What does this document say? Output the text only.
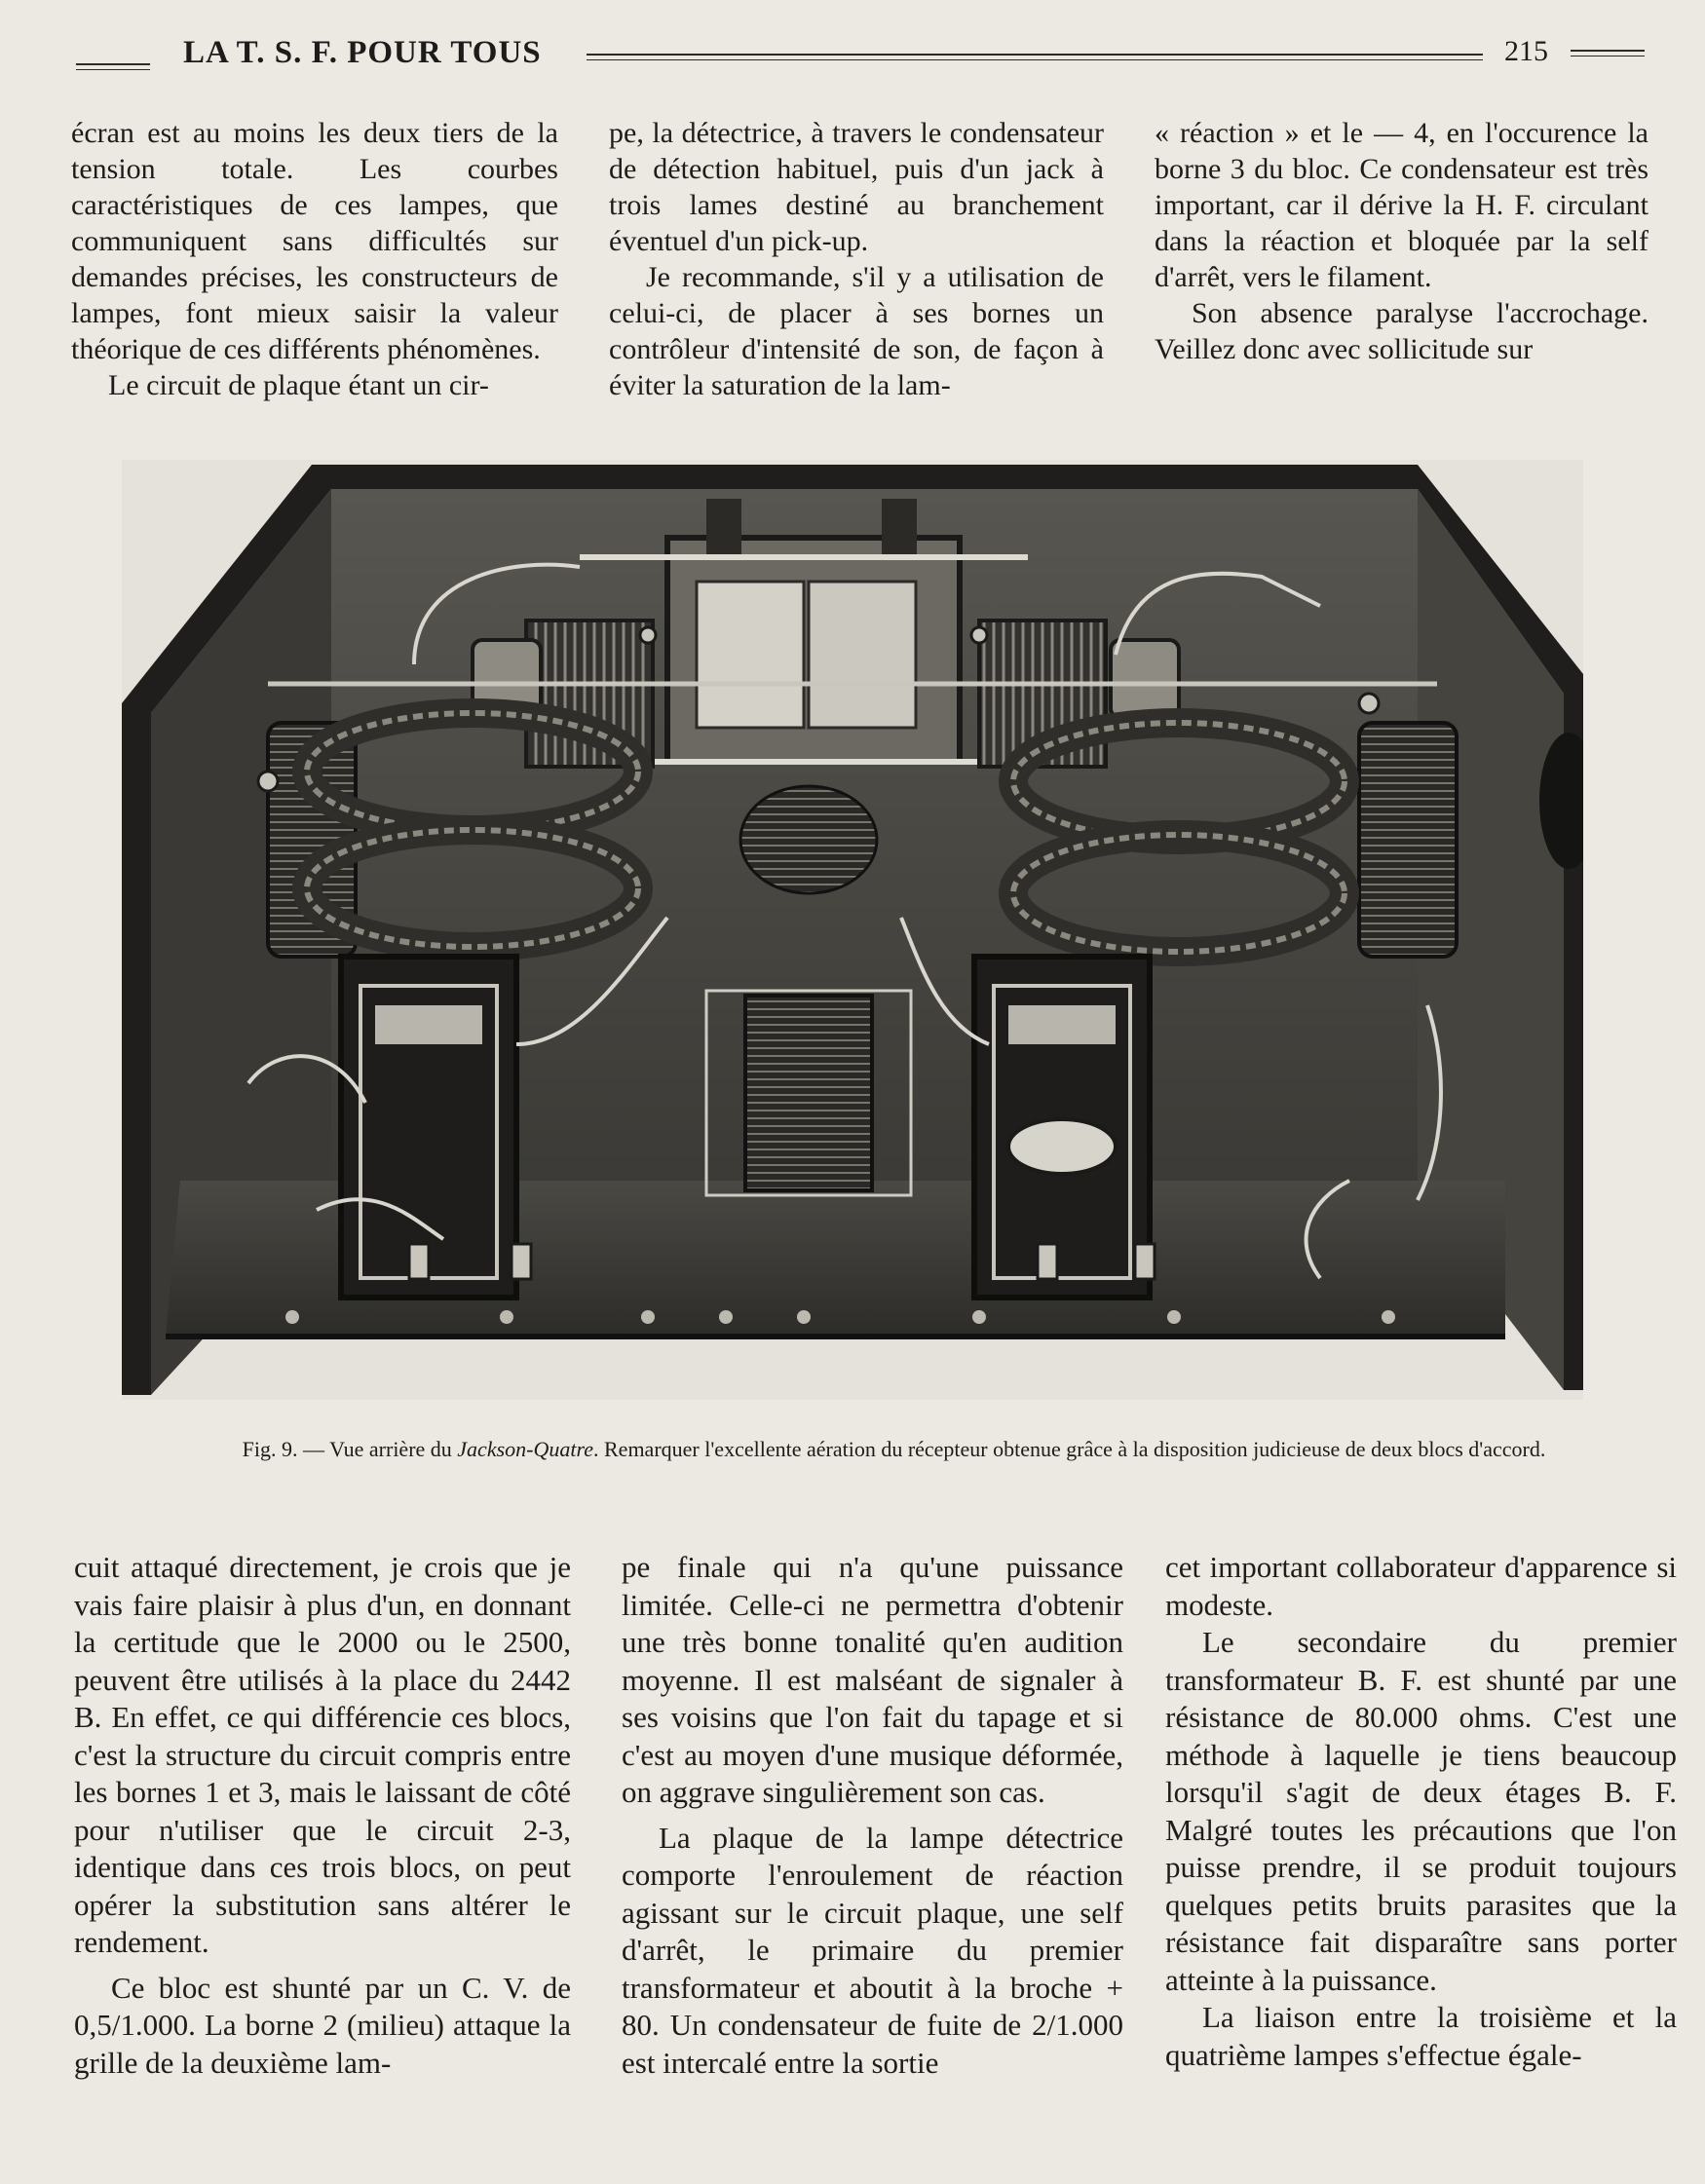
LA T. S. F. POUR TOUS	215

écran est au moins les deux tiers de la tension totale. Les courbes caractéristiques de ces lampes, que communiquent sans difficultés sur demandes précises, les constructeurs de lampes, font mieux saisir la valeur théorique de ces différents phénomènes.

Le circuit de plaque étant un cir-

pe, la détectrice, à travers le condensateur de détection habituel, puis d'un jack à trois lames destiné au branchement éventuel d'un pick-up.

Je recommande, s'il y a utilisation de celui-ci, de placer à ses bornes un contrôleur d'intensité de son, de façon à éviter la saturation de la lam-

« réaction » et le — 4, en l'occurence la borne 3 du bloc. Ce condensateur est très important, car il dérive la H. F. circulant dans la réaction et bloquée par la self d'arrêt, vers le filament.

Son absence paralyse l'accrochage. Veillez donc avec sollicitude sur

Fig. 9. — Vue arrière du Jackson-Quatre. Remarquer l'excellente aération du récepteur obtenue grâce à la disposition judicieuse de deux blocs d'accord.

cuit attaqué directement, je crois que je vais faire plaisir à plus d'un, en donnant la certitude que le 2000 ou le 2500, peuvent être utilisés à la place du 2442 B. En effet, ce qui différencie ces blocs, c'est la structure du circuit compris entre les bornes 1 et 3, mais le laissant de côté pour n'utiliser que le circuit 2-3, identique dans ces trois blocs, on peut opérer la substitution sans altérer le rendement.

Ce bloc est shunté par un C. V. de 0,5/1.000. La borne 2 (milieu) attaque la grille de la deuxième lam-

pe finale qui n'a qu'une puissance limitée. Celle-ci ne permettra d'obtenir une très bonne tonalité qu'en audition moyenne. Il est malséant de signaler à ses voisins que l'on fait du tapage et si c'est au moyen d'une musique déformée, on aggrave singulièrement son cas.

La plaque de la lampe détectrice comporte l'enroulement de réaction agissant sur le circuit plaque, une self d'arrêt, le primaire du premier transformateur et aboutit à la broche + 80. Un condensateur de fuite de 2/1.000 est intercalé entre la sortie

cet important collaborateur d'apparence si modeste.

Le secondaire du premier transformateur B. F. est shunté par une résistance de 80.000 ohms. C'est une méthode à laquelle je tiens beaucoup lorsqu'il s'agit de deux étages B. F. Malgré toutes les précautions que l'on puisse prendre, il se produit toujours quelques petits bruits parasites que la résistance fait disparaître sans porter atteinte à la puissance.

La liaison entre la troisième et la quatrième lampes s'effectue égale-
